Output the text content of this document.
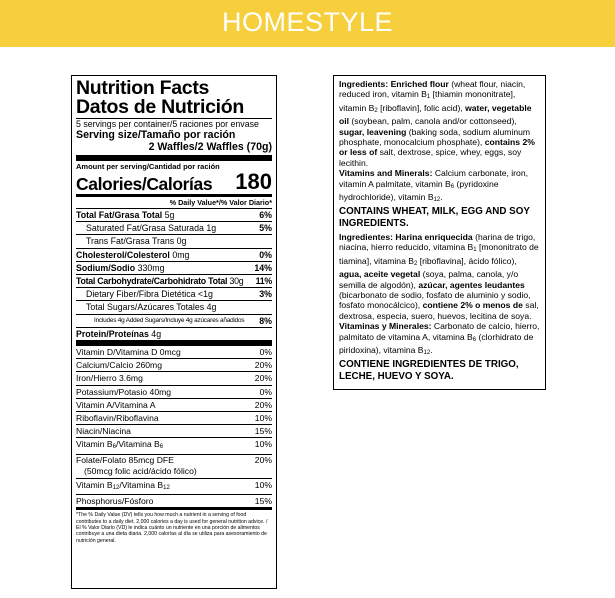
HOMESTYLE
Nutrition Facts
Datos de Nutrición
5 servings per container/5 raciones por envase
Serving size/Tamaño por ración
2 Waffles/2 Waffles (70g)
Amount per serving/Cantidad por ración
Calories/Calorías 180
% Daily Value*/% Valor Diario*
Total Fat/Grasa Total 5g	6%
Saturated Fat/Grasa Saturada 1g	5%
Trans Fat/Grasa Trans 0g
Cholesterol/Colesterol 0mg	0%
Sodium/Sodio 330mg	14%
Total Carbohydrate/Carbohidrato Total 30g 11%
Dietary Fiber/Fibra Dietética <1g	3%
Total Sugars/Azúcares Totales 4g
Includes 4g Added Sugars/Incluye 4g azúcares añadidos 8%
Protein/Proteínas 4g
Vitamin D/Vitamina D 0mcg	0%
Calcium/Calcio 260mg	20%
Iron/Hierro 3.6mg	20%
Potassium/Potasio 40mg	0%
Vitamin A/Vitamina A	20%
Riboflavin/Riboflavina	10%
Niacin/Niacina	15%
Vitamin B6/Vitamina B6	10%
Folate/Folato 85mcg DFE
(50mcg folic acid/ácido fólico)
20%
Vitamin B12/Vitamina B12	10%
Phosphorus/Fósforo	15%
*The % Daily Value (DV) tells you how much a nutrient in a serving of food contributes to a daily diet. 2,000 calories a day is used for general nutrition advice. / El % Valor Diario (VD) le indica cuánto un nutriente en una porción de alimentos contribuye a una dieta diaria. 2,000 calorías al día se utiliza para asesoramiento de nutrición general.

Ingredients: Enriched flour (wheat flour, niacin, reduced iron, vitamin B1 [thiamin mononitrate], vitamin B2 [riboflavin], folic acid), water, vegetable oil (soybean, palm, canola and/or cottonseed), sugar, leavening (baking soda, sodium aluminum phosphate, monocalcium phosphate), contains 2% or less of salt, dextrose, spice, whey, eggs, soy lecithin.

Vitamins and Minerals: Calcium carbonate, iron, vitamin A palmitate, vitamin B6 (pyridoxine hydrochloride), vitamin B12.

CONTAINS WHEAT, MILK, EGG AND SOY INGREDIENTS.

Ingredientes: Harina enriquecida (harina de trigo, niacina, hierro reducido, vitamina B1 [mononitrato de tiamina], vitamina B2 [riboflavina], ácido fólico), agua, aceite vegetal (soya, palma, canola, y/o semilla de algodón), azúcar, agentes leudantes (bicarbonato de sodio, fosfato de aluminio y sodio, fosfato monocálcico), contiene 2% o menos de sal, dextrosa, especia, suero, huevos, lecitina de soya.

Vitaminas y Minerales: Carbonato de calcio, hierro, palmitato de vitamina A, vitamina B6 (clorhidrato de piridoxina), vitamina B12.

CONTIENE INGREDIENTES DE TRIGO, LECHE, HUEVO Y SOYA.
